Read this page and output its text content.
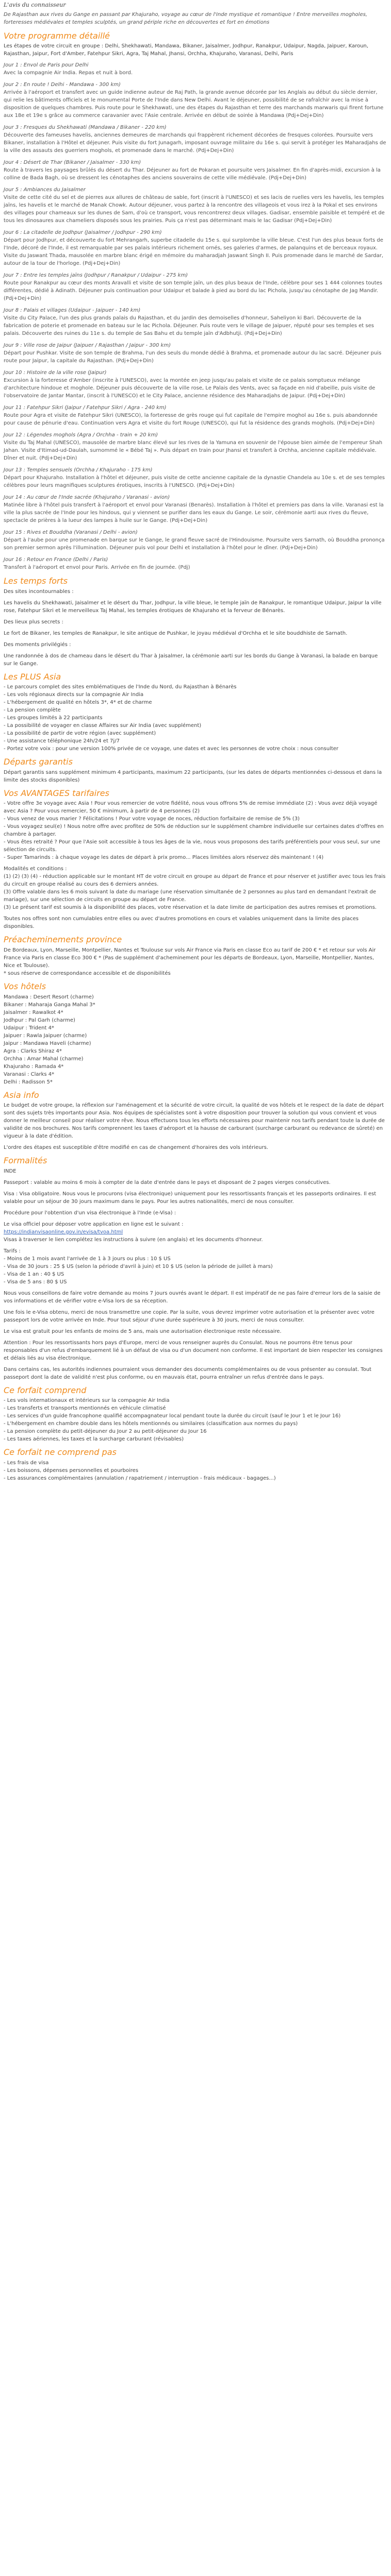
L'avis du connaisseur

De Rajasthan aux rives du Gange en passant par Khajuraho, voyage au cœur de l'Inde mystique et romantique ! Entre merveilles mogholes, forteresses médiévales et temples sculptés, un grand périple riche en découvertes et fort en émotions

Votre programme détaillé

Les étapes de votre circuit en groupe : Delhi, Shekhawati, Mandawa, Bikaner, Jaisalmer, Jodhpur, Ranakpur, Udaipur, Nagda, Jaipuer, Karoun, Rajasthan, Jaipur, Fort d'Amber, Fatehpur Sikri, Agra, Taj Mahal, Jhansi, Orchha, Khajuraho, Varanasi, Delhi, Paris

Jour 1 : Envol de Paris pour Delhi

Avec la compagnie Air India. Repas et nuit à bord.

Jour 2 : En route ! Delhi - Mandawa - 300 km)

Arrivée à l'aéroport et transfert avec un guide indienne auteur de Raj Path, la grande avenue décorée par les Anglais au début du siècle dernier, qui relie les bâtiments officiels et le monumental Porte de l'Inde dans New Delhi. Avant le déjeuner, possibilité de se rafraîchir avec la mise à disposition de quelques chambres. Puis route pour le Shekhawati, une des étapes du Rajasthan et terre des marchands marwaris qui firent fortune aux 18e et 19e s grâce au commerce caravanier avec l'Asie centrale. Arrivée en début de soirée à Mandawa (Pdj+Dej+Din)

Jour 3 : Fresques du Shekhawati (Mandawa / Bikaner - 220 km)

Découverte des fameuses havelis, anciennes demeures de marchands qui frappèrent richement décorées de fresques colorées. Poursuite vers Bikaner, installation à l'Hôtel et déjeuner. Puis visite du fort Junagarh, imposant ouvrage militaire du 16e s. qui servit à protéger les Maharadjahs de la ville des assauts des guerriers moghols, et promenade dans le marché. (Pdj+Dej+Din)

Jour 4 : Désert de Thar (Bikaner / Jaisalmer - 330 km)

Route à travers les paysages brûlés du désert du Thar. Déjeuner au fort de Pokaran et poursuite vers Jaisalmer. En fin d'après-midi, excursion à la colline de Bada Bagh, où se dressent les cénotaphes des anciens souverains de cette ville médiévale. (Pdj+Dej+Din)

Jour 5 : Ambiances du Jaisalmer

Visite de cette cité du sel et de pierres aux allures de château de sable, fort (inscrit à l'UNESCO) et ses lacis de ruelles vers les havelis, les temples jaïns, les havelis et le marché de Manak Chowk. Autour déjeuner, vous partez à la rencontre des villageois et vous irez à la Pokal et ses environs des villages pour chameaux sur les dunes de Sam, d'où ce transport, vous rencontrerez deux villages. Gadisar, ensemble paisible et tempéré et de tous les dinosaures aux chameliers disposés sous les prairies. Puis ça n'est pas déterminant mais le lac Gadisar (Pdj+Dej+Din)

Jour 6 : La citadelle de Jodhpur (Jaisalmer / Jodhpur - 290 km)

Départ pour Jodhpur, et découverte du fort Mehrangarh, superbe citadelle du 15e s. qui surplombe la ville bleue. C'est l'un des plus beaux forts de l'Inde, décoré de l'Inde, il est remarquable par ses palais intérieurs richement ornés, ses galeries d'armes, de palanquins et de berceaux royaux. Visite du Jaswant Thada, mausolée en marbre blanc érigé en mémoire du maharadjah Jaswant Singh II. Puis promenade dans le marché de Sardar, autour de la tour de l'horloge. (Pdj+Dej+Din)

Jour 7 : Entre les temples jaïns (Jodhpur / Ranakpur / Udaipur - 275 km)

Route pour Ranakpur au cœur des monts Aravalli et visite de son temple jaïn, un des plus beaux de l'Inde, célèbre pour ses 1 444 colonnes toutes différentes, dédié à Adinath. Déjeuner puis continuation pour Udaipur et balade à pied au bord du lac Pichola, jusqu'au cénotaphe de Jag Mandir. (Pdj+Dej+Din)

Jour 8 : Palais et villages (Udaipur - Jaipuer - 140 km)

Visite du City Palace, l'un des plus grands palais du Rajasthan, et du jardin des demoiselles d'honneur, Saheliyon ki Bari. Découverte de la fabrication de poterie et promenade en bateau sur le lac Pichola. Déjeuner. Puis route vers le village de Jaipuer, réputé pour ses temples et ses palais. Découverte des ruines du 11e s. du temple de Sas Bahu et du temple jaïn d'Adbhutji. (Pdj+Dej+Din)

Jour 9 : Ville rose de Jaipur (Jaipuer / Rajasthan / Jaipur - 300 km)

Départ pour Pushkar. Visite de son temple de Brahma, l'un des seuls du monde dédié à Brahma, et promenade autour du lac sacré. Déjeuner puis route pour Jaipur, la capitale du Rajasthan. (Pdj+Dej+Din)

Jour 10 : Histoire de la ville rose (Jaipur)

Excursion à la forteresse d'Amber (inscrite à l'UNESCO), avec la montée en jeep jusqu'au palais et visite de ce palais somptueux mélange d'architecture hindoue et moghole. Déjeuner puis découverte de la ville rose, Le Palais des Vents, avec sa façade en nid d'abeille, puis visite de l'observatoire de Jantar Mantar, (inscrit à l'UNESCO) et le City Palace, ancienne résidence des Maharadjahs de Jaipur. (Pdj+Dej+Din)

Jour 11 : Fatehpur Sikri (Jaipur / Fatehpur Sikri / Agra - 240 km)

Route pour Agra et visite de Fatehpur Sikri (UNESCO), la forteresse de grès rouge qui fut capitale de l'empire moghol au 16e s. puis abandonnée pour cause de pénurie d'eau. Continuation vers Agra et visite du fort Rouge (UNESCO), qui fut la résidence des grands moghols. (Pdj+Dej+Din)

Jour 12 : Légendes moghols (Agra / Orchha - train + 20 km)

Visite du Taj Mahal (UNESCO), mausolée de marbre blanc élevé sur les rives de la Yamuna en souvenir de l'épouse bien aimée de l'empereur Shah Jahan. Visite d'Itimad-ud-Daulah, surnommé le « Bébé Taj ». Puis départ en train pour Jhansi et transfert à Orchha, ancienne capitale médiévale. Dîner et nuit. (Pdj+Dej+Din)

Jour 13 : Temples sensuels (Orchha / Khajuraho - 175 km)

Départ pour Khajuraho. Installation à l'hôtel et déjeuner, puis visite de cette ancienne capitale de la dynastie Chandela au 10e s. et de ses temples célèbres pour leurs magnifiques sculptures érotiques, inscrits à l'UNESCO. (Pdj+Dej+Din)

Jour 14 : Au cœur de l'Inde sacrée (Khajuraho / Varanasi - avion)

Matinée libre à l'hôtel puis transfert à l'aéroport et envol pour Varanasi (Benarès). Installation à l'hôtel et premiers pas dans la ville. Varanasi est la ville la plus sacrée de l'Inde pour les hindous, qui y viennent se purifier dans les eaux du Gange. Le soir, cérémonie aarti aux rives du fleuve, spectacle de prières à la lueur des lampes à huile sur le Gange. (Pdj+Dej+Din)

Jour 15 : Rives et Bouddha (Varanasi / Delhi - avion)

Départ à l'aube pour une promenade en barque sur le Gange, le grand fleuve sacré de l'Hindouisme. Poursuite vers Sarnath, où Bouddha prononça son premier sermon après l'illumination. Déjeuner puis vol pour Delhi et installation à l'hôtel pour le dîner. (Pdj+Dej+Din)

Jour 16 : Retour en France (Delhi / Paris)

Transfert à l'aéroport et envol pour Paris. Arrivée en fin de journée. (Pdj)

Les temps forts

Des sites incontournables :

Les havelis du Shekhawati, Jaisalmer et le désert du Thar, Jodhpur, la ville bleue, le temple jaïn de Ranakpur, le romantique Udaipur, Jaipur la ville rose, Fatehpur Sikri et le merveilleux Taj Mahal, les temples érotiques de Khajuraho et la ferveur de Bénarès.

Des lieux plus secrets :

Le fort de Bikaner, les temples de Ranakpur, le site antique de Pushkar, le joyau médiéval d'Orchha et le site bouddhiste de Sarnath.

Des moments privilégiés :

Une randonnée à dos de chameau dans le désert du Thar à Jaisalmer, la cérémonie aarti sur les bords du Gange à Varanasi, la balade en barque sur le Gange.

Les PLUS Asia
- Le parcours complet des sites emblématiques de l'Inde du Nord, du Rajasthan à Bénarès
- Les vols régionaux directs sur la compagnie Air India
- L'hébergement de qualité en hôtels 3*, 4* et de charme
- La pension complète
- Les groupes limités à 22 participants
- La possibilité de voyager en classe Affaires sur Air India (avec supplément)
- La possibilité de partir de votre région (avec supplément)
- Une assistance téléphonique 24h/24 et 7j/7
- Portez votre voix : pour une version 100% privée de ce voyage, une dates et avec les personnes de votre choix : nous consulter
Départs garantis

Départ garantis sans supplément minimum 4 participants, maximum 22 participants, (sur les dates de départs mentionnées ci-dessous et dans la limite des stocks disponibles)

Vos AVANTAGES tarifaires
- Votre offre 3e voyage avec Asia ! Pour vous remercier de votre fidélité, nous vous offrons 5% de remise immédiate (2) : Vous avez déjà voyagé avec Asia ? Pour vous remercier, 50 € minimum, à partir de 4 personnes (2)
- Vous venez de vous marier ? Félicitations ! Pour votre voyage de noces, réduction forfaitaire de remise de 5% (3)
- Vous voyagez seul(e) ! Nous notre offre avec profitez de 50% de réduction sur le supplément chambre individuelle sur certaines dates d'offres en chambre à partager.
- Vous êtes retraité ? Pour que l'Asie soit accessible à tous les âges de la vie, nous vous proposons des tarifs préférentiels pour vous seul, sur une sélection de circuits.
- Super Tamarinds : à chaque voyage les dates de départ à prix promo... Places limitées alors réservez dès maintenant ! (4)
Modalités et conditions :
(1) (2) (3) (4) - réduction applicable sur le montant HT de votre circuit en groupe au départ de France et pour réserver et justifier avec tous les frais du circuit en groupe réalisé au cours des 6 derniers années.
(3) Offre valable dans les 6 mois suivant la date du mariage (une réservation simultanée de 2 personnes au plus tard en demandant l'extrait de mariage), sur une sélection de circuits en groupe au départ de France.
(3) Le présent tarif est soumis à la disponibilité des places, votre réservation et la date limite de participation des autres remises et promotions.

Toutes nos offres sont non cumulables entre elles ou avec d'autres promotions en cours et valables uniquement dans la limite des places disponibles.

Préacheminements province

De Bordeaux, Lyon, Marseille, Montpellier, Nantes et Toulouse sur vols Air France via Paris en classe Eco au tarif de 200 € * et retour sur vols Air France via Paris en classe Eco 300 € * (Pas de supplément d'acheminement pour les départs de Bordeaux, Lyon, Marseille, Montpellier, Nantes, Nice et Toulouse).

* sous réserve de correspondance accessible et de disponibilités

Vos hôtels
Mandawa : Desert Resort (charme)
Bikaner : Maharaja Ganga Mahal 3*
Jaisalmer : Rawalkot 4*
Jodhpur : Pal Garh (charme)
Udaipur : Trident 4*
Jaipuer : Rawla Jaipuer (charme)
Jaipur : Mandawa Haveli (charme)
Agra : Clarks Shiraz 4*
Orchha : Amar Mahal (charme)
Khajuraho : Ramada 4*
Varanasi : Clarks 4*
Delhi : Radisson 5*
Asia info

Le budget de votre groupe, la réflexion sur l'aménagement et la sécurité de votre circuit, la qualité de vos hôtels et le respect de la date de départ sont des sujets très importants pour Asia. Nos équipes de spécialistes sont à votre disposition pour trouver la solution qui vous convient et vous donner le meilleur conseil pour réaliser votre rêve. Nous effectuons tous les efforts nécessaires pour maintenir nos tarifs pendant toute la durée de validité de nos brochures. Nos tarifs comprennent les taxes d'aéroport et la hausse de carburant (surcharge carburant ou redevance de sûreté) en vigueur à la date d'édition.

L'ordre des étapes est susceptible d'être modifié en cas de changement d'horaires des vols intérieurs.

Formalités

INDE

Passeport : valable au moins 6 mois à compter de la date d'entrée dans le pays et disposant de 2 pages vierges consécutives.

Visa : Visa obligatoire. Nous vous le procurons (visa électronique) uniquement pour les ressortissants français et les passeports ordinaires. Il est valable pour un séjour de 30 jours maximum dans le pays. Pour les autres nationalités, merci de nous consulter.

Procédure pour l'obtention d'un visa électronique à l'Inde (e-Visa) :

Le visa officiel pour déposer votre application en ligne est le suivant :

https://indianvisaonline.gov.in/evisa/tvoa.html

Visas à traverser le lien complétez les instructions à suivre (en anglais) et les documents d'honneur.

Tarifs :
- Moins de 1 mois avant l'arrivée de 1 à 3 jours ou plus : 10 $ US
- Visa de 30 jours : 25 $ US (selon la période d'avril à juin) et 10 $ US (selon la période de juillet à mars)
- Visa de 1 an : 40 $ US
- Visa de 5 ans : 80 $ US

Nous vous conseillons de faire votre demande au moins 7 jours ouvrés avant le départ. Il est impératif de ne pas faire d'erreur lors de la saisie de vos informations et de vérifier votre e-Visa lors de sa réception.

Une fois le e-Visa obtenu, merci de nous transmettre une copie. Par la suite, vous devrez imprimer votre autorisation et la présenter avec votre passeport lors de votre arrivée en Inde. Pour tout séjour d'une durée supérieure à 30 jours, merci de nous consulter.

Le visa est gratuit pour les enfants de moins de 5 ans, mais une autorisation électronique reste nécessaire.

Attention : Pour les ressortissants hors pays d'Europe, merci de vous renseigner auprès du Consulat. Nous ne pourrons être tenus pour responsables d'un refus d'embarquement lié à un défaut de visa ou d'un document non conforme. Il est important de bien respecter les consignes et délais liés au visa électronique.

Dans certains cas, les autorités indiennes pourraient vous demander des documents complémentaires ou de vous présenter au consulat. Tout passeport dont la date de validité n'est plus conforme, ou en mauvais état, pourra entraîner un refus d'entrée dans le pays.

Ce forfait comprend
- Les vols internationaux et intérieurs sur la compagnie Air India
- Les transferts et transports mentionnés en véhicule climatisé
- Les services d'un guide francophone qualifié accompagnateur local pendant toute la durée du circuit (sauf le Jour 1 et le Jour 16)
- L'hébergement en chambre double dans les hôtels mentionnés ou similaires (classification aux normes du pays)
- La pension complète du petit-déjeuner du Jour 2 au petit-déjeuner du Jour 16
- Les taxes aériennes, les taxes et la surcharge carburant (révisables)
Ce forfait ne comprend pas
- Les frais de visa
- Les boissons, dépenses personnelles et pourboires
- Les assurances complémentaires (annulation / rapatriement / interruption - frais médicaux - bagages...)
